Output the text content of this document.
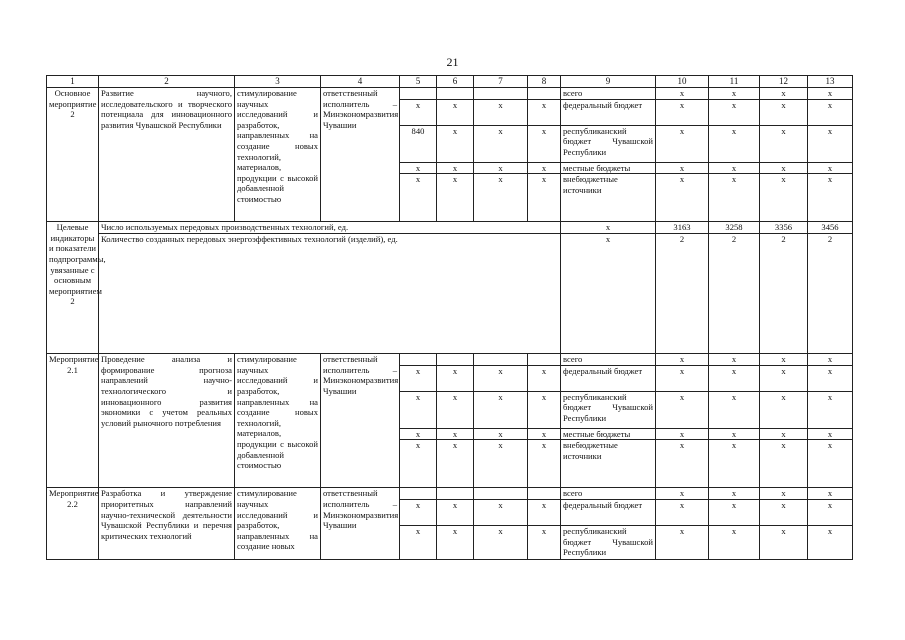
21
1	2	3	4	5	6	7	8	9	10	11	12	13
Основное мероприятие 2	Развитие научного, исследовательского и творческого потенциала для инновационного развития Чувашской Республики	стимулирование научных исследований и разработок, направленных на создание новых технологий, материалов, продукции с высокой добавленной стоимостью	ответственный исполнитель – Минэкономразвития Чувашии					всего	x	x	x	x
				x	x	x	x	федеральный бюджет	x	x	x	x
				840	x	x	x	республиканский бюджет Чувашской Республики	x	x	x	x
				x	x	x	x	местные бюджеты	x	x	x	x
				x	x	x	x	внебюджетные источники	x	x	x	x
Целевые индикаторы и показатели подпрограммы, увязанные с основным мероприятием 2	Число используемых передовых производственных технологий, ед.							x	3163	3258	3356	3456
	Количество созданных передовых энергоэффективных технологий (изделий), ед.							x	2	2	2	2
Мероприятие 2.1	Проведение анализа и формирование прогноза направлений научно-технологического и инновационного развития экономики с учетом реальных условий рыночного потребления	стимулирование научных исследований и разработок, направленных на создание новых технологий, материалов, продукции с высокой добавленной стоимостью	ответственный исполнитель – Минэкономразвития Чувашии					всего	x	x	x	x
				x	x	x	x	федеральный бюджет	x	x	x	x
				x	x	x	x	республиканский бюджет Чувашской Республики	x	x	x	x
				x	x	x	x	местные бюджеты	x	x	x	x
				x	x	x	x	внебюджетные источники	x	x	x	x
Мероприятие 2.2	Разработка и утверждение приоритетных направлений научно-технической деятельности Чувашской Республики и перечня критических технологий	стимулирование научных исследований и разработок, направленных на создание новых	ответственный исполнитель – Минэкономразвития Чувашии					всего	x	x	x	x
				x	x	x	x	федеральный бюджет	x	x	x	x
				x	x	x	x	республиканский бюджет Чувашской Республики	x	x	x	x
